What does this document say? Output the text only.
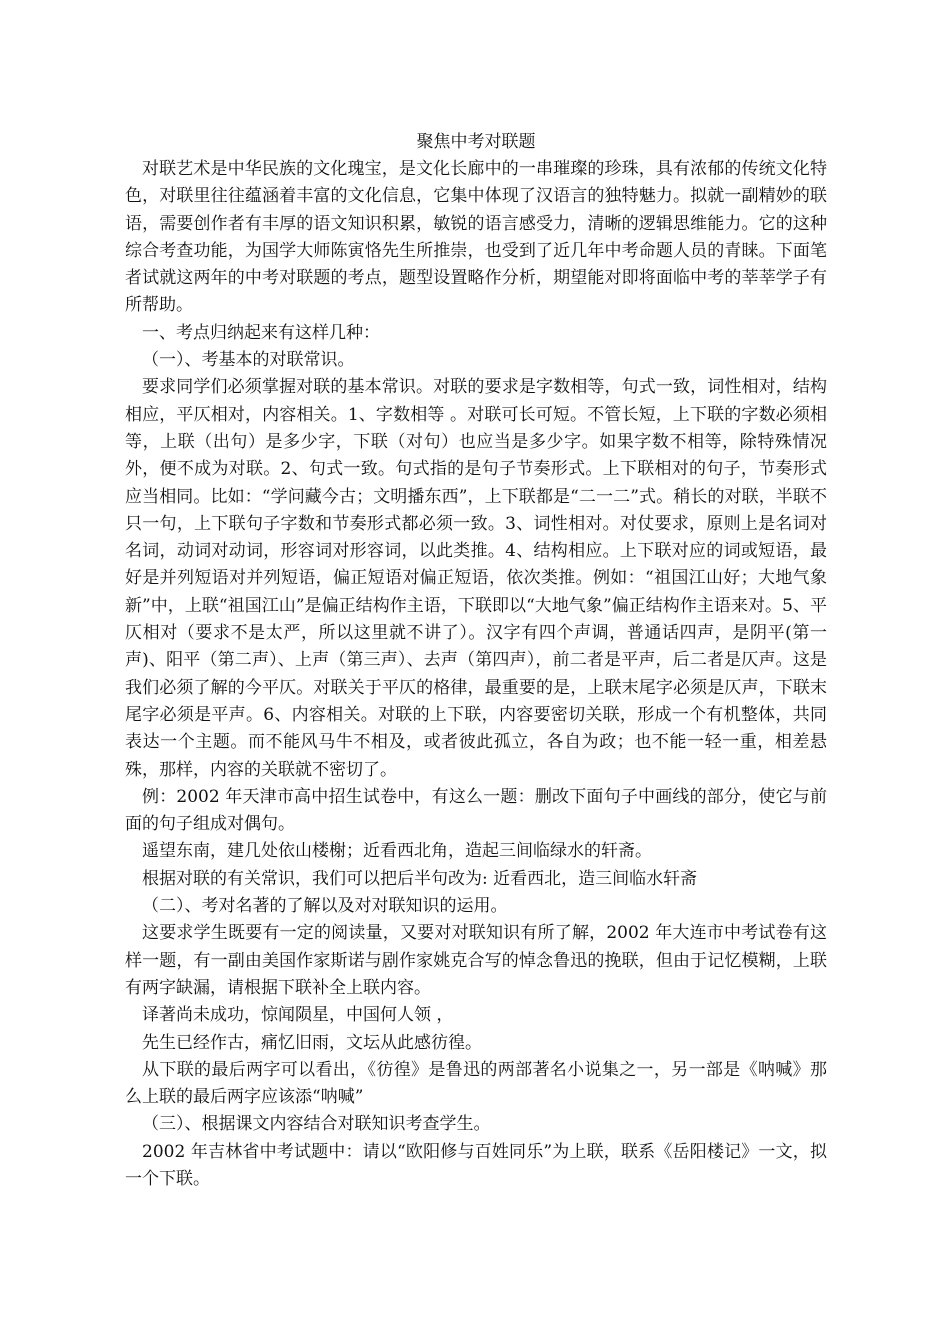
聚焦中考对联题

对联艺术是中华民族的文化瑰宝，是文化长廊中的一串璀璨的珍珠，具有浓郁的传统文化特色，对联里往往蕴涵着丰富的文化信息，它集中体现了汉语言的独特魅力。拟就一副精妙的联语，需要创作者有丰厚的语文知识积累，敏锐的语言感受力，清晰的逻辑思维能力。它的这种综合考查功能，为国学大师陈寅恪先生所推崇，也受到了近几年中考命题人员的青睐。下面笔者试就这两年的中考对联题的考点，题型设置略作分析，期望能对即将面临中考的莘莘学子有所帮助。

一、考点归纳起来有这样几种：

（一）、考基本的对联常识。

要求同学们必须掌握对联的基本常识。对联的要求是字数相等，句式一致，词性相对，结构相应，平仄相对，内容相关。1、字数相等 。对联可长可短。不管长短，上下联的字数必须相等，上联（出句）是多少字，下联（对句）也应当是多少字。如果字数不相等，除特殊情况外，便不成为对联。2、句式一致。句式指的是句子节奏形式。上下联相对的句子，节奏形式应当相同。比如：“学问藏今古；文明播东西”，上下联都是“二一二”式。稍长的对联，半联不只一句，上下联句子字数和节奏形式都必须一致。3、词性相对。对仗要求，原则上是名词对名词，动词对动词，形容词对形容词，以此类推。4、结构相应。上下联对应的词或短语，最好是并列短语对并列短语，偏正短语对偏正短语，依次类推。例如：“祖国江山好；大地气象新”中，上联“祖国江山”是偏正结构作主语，下联即以“大地气象”偏正结构作主语来对。5、平仄相对（要求不是太严，所以这里就不讲了）。汉字有四个声调，普通话四声，是阴平(第一声)、阳平（第二声）、上声（第三声）、去声（第四声），前二者是平声，后二者是仄声。这是我们必须了解的今平仄。对联关于平仄的格律，最重要的是，上联末尾字必须是仄声，下联末尾字必须是平声。6、内容相关。对联的上下联，内容要密切关联，形成一个有机整体，共同表达一个主题。而不能风马牛不相及，或者彼此孤立，各自为政；也不能一轻一重，相差悬殊，那样，内容的关联就不密切了。

例：2002 年天津市高中招生试卷中，有这么一题：删改下面句子中画线的部分，使它与前面的句子组成对偶句。

遥望东南，建几处依山楼榭；近看西北角，造起三间临绿水的轩斋。

根据对联的有关常识，我们可以把后半句改为: 近看西北，造三间临水轩斋

（二）、考对名著的了解以及对对联知识的运用。

这要求学生既要有一定的阅读量，又要对对联知识有所了解，2002 年大连市中考试卷有这样一题，有一副由美国作家斯诺与剧作家姚克合写的悼念鲁迅的挽联，但由于记忆模糊，上联有两字缺漏，请根据下联补全上联内容。

译著尚未成功，惊闻陨星，中国何人领 ，

先生已经作古，痛忆旧雨，文坛从此感彷徨。

从下联的最后两字可以看出，《彷徨》是鲁迅的两部著名小说集之一，另一部是《呐喊》那么上联的最后两字应该添“呐喊”

（三）、根据课文内容结合对联知识考查学生。

2002 年吉林省中考试题中：请以“欧阳修与百姓同乐”为上联，联系《岳阳楼记》一文，拟一个下联。
